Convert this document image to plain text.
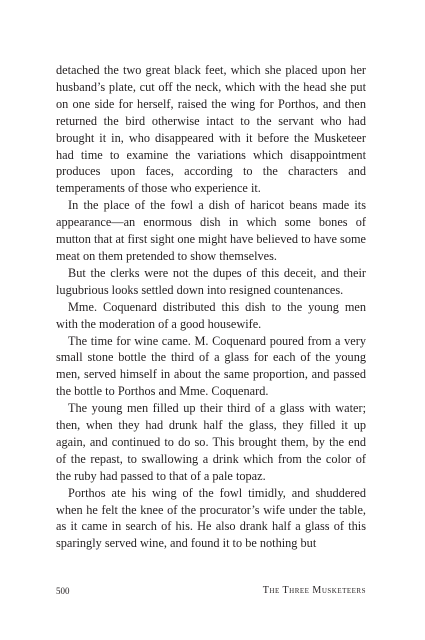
detached the two great black feet, which she placed upon her husband’s plate, cut off the neck, which with the head she put on one side for herself, raised the wing for Porthos, and then returned the bird otherwise intact to the servant who had brought it in, who disappeared with it before the Musketeer had time to examine the variations which disappointment produces upon faces, according to the characters and temperaments of those who experience it.

In the place of the fowl a dish of haricot beans made its appearance—an enormous dish in which some bones of mutton that at first sight one might have believed to have some meat on them pretended to show themselves.

But the clerks were not the dupes of this deceit, and their lugubrious looks settled down into resigned countenances.

Mme. Coquenard distributed this dish to the young men with the moderation of a good housewife.

The time for wine came. M. Coquenard poured from a very small stone bottle the third of a glass for each of the young men, served himself in about the same proportion, and passed the bottle to Porthos and Mme. Coquenard.

The young men filled up their third of a glass with water; then, when they had drunk half the glass, they filled it up again, and continued to do so. This brought them, by the end of the repast, to swallowing a drink which from the color of the ruby had passed to that of a pale topaz.

Porthos ate his wing of the fowl timidly, and shuddered when he felt the knee of the procurator’s wife under the table, as it came in search of his. He also drank half a glass of this sparingly served wine, and found it to be nothing but

500	The Three Musketeers
